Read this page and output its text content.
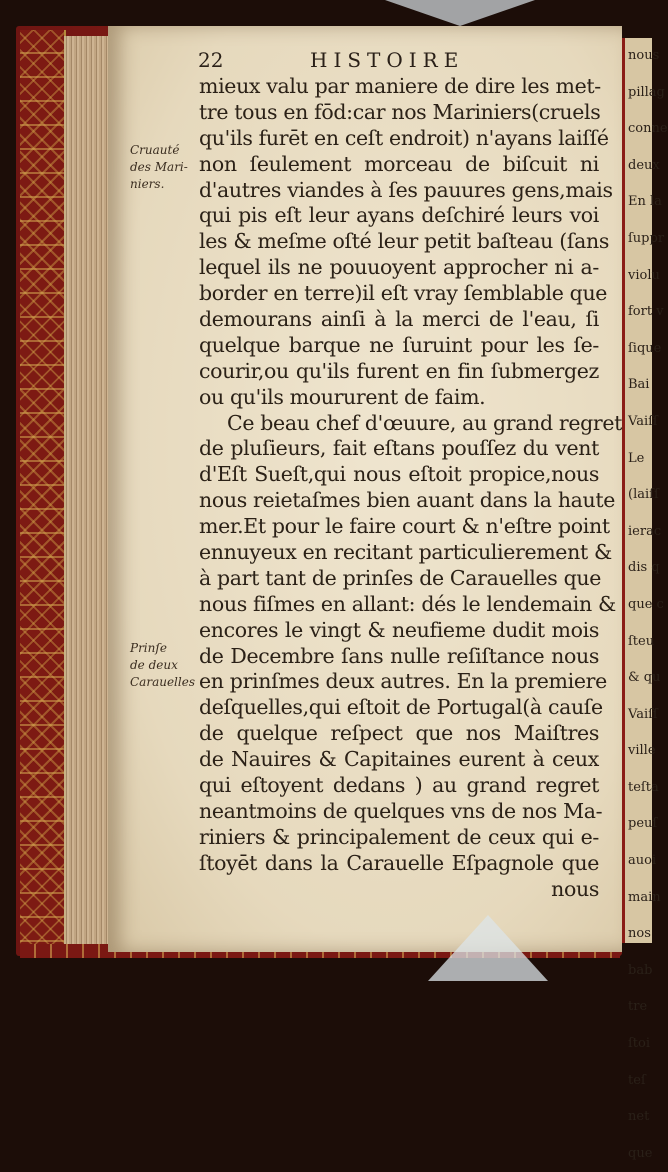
nous
pillag
conne
deux
En la
ſuppr
violu
fort v
ſique
Bai
Vaiſſ
Le
(laiſſ
ierac
dis q
que c
ſteu
& qu
Vaiſſ
ville
teſta
peuſ
auoi
main
nos
bab
tre
ſtoi
teſ
net
que
22	HISTOIRE
Cruauté
des Mari-
niers.
Prinſe
de deux
Carauelles
mieux valu par maniere de dire les met-
tre tous en fōd:car nos Mariniers(cruels
qu'ils furēt en ceſt endroit) n'ayans laiſſé
non ſeulement morceau de biſcuit ni
d'autres viandes à ſes pauures gens,mais
qui pis eſt leur ayans deſchiré leurs voi
les & meſme oſté leur petit baſteau (ſans
lequel ils ne pouuoyent approcher ni a-
border en terre)il eſt vray ſemblable que
demourans ainſi à la merci de l'eau, ſi
quelque barque ne ſuruint pour les ſe-
courir,ou qu'ils furent en fin ſubmergez
ou qu'ils moururent de faim.
Ce beau chef d'œuure, au grand regret
de pluſieurs, fait eſtans pouſſez du vent
d'Eſt Sueſt,qui nous eſtoit propice,nous
nous reietaſmes bien auant dans la haute
mer.Et pour le faire court & n'eſtre point
ennuyeux en recitant particulierement &
à part tant de prinſes de Carauelles que
nous fiſmes en allant: dés le lendemain &
encores le vingt & neufieme dudit mois
de Decembre ſans nulle reſiſtance nous
en prinſmes deux autres. En la premiere
deſquelles,qui eſtoit de Portugal(à cauſe
de quelque reſpect que nos Maiſtres
de Nauires & Capitaines eurent à ceux
qui eſtoyent dedans ) au grand regret
neantmoins de quelques vns de nos Ma-
riniers & principalement de ceux qui e-
ſtoyēt dans la Carauelle Eſpagnole que
nous
